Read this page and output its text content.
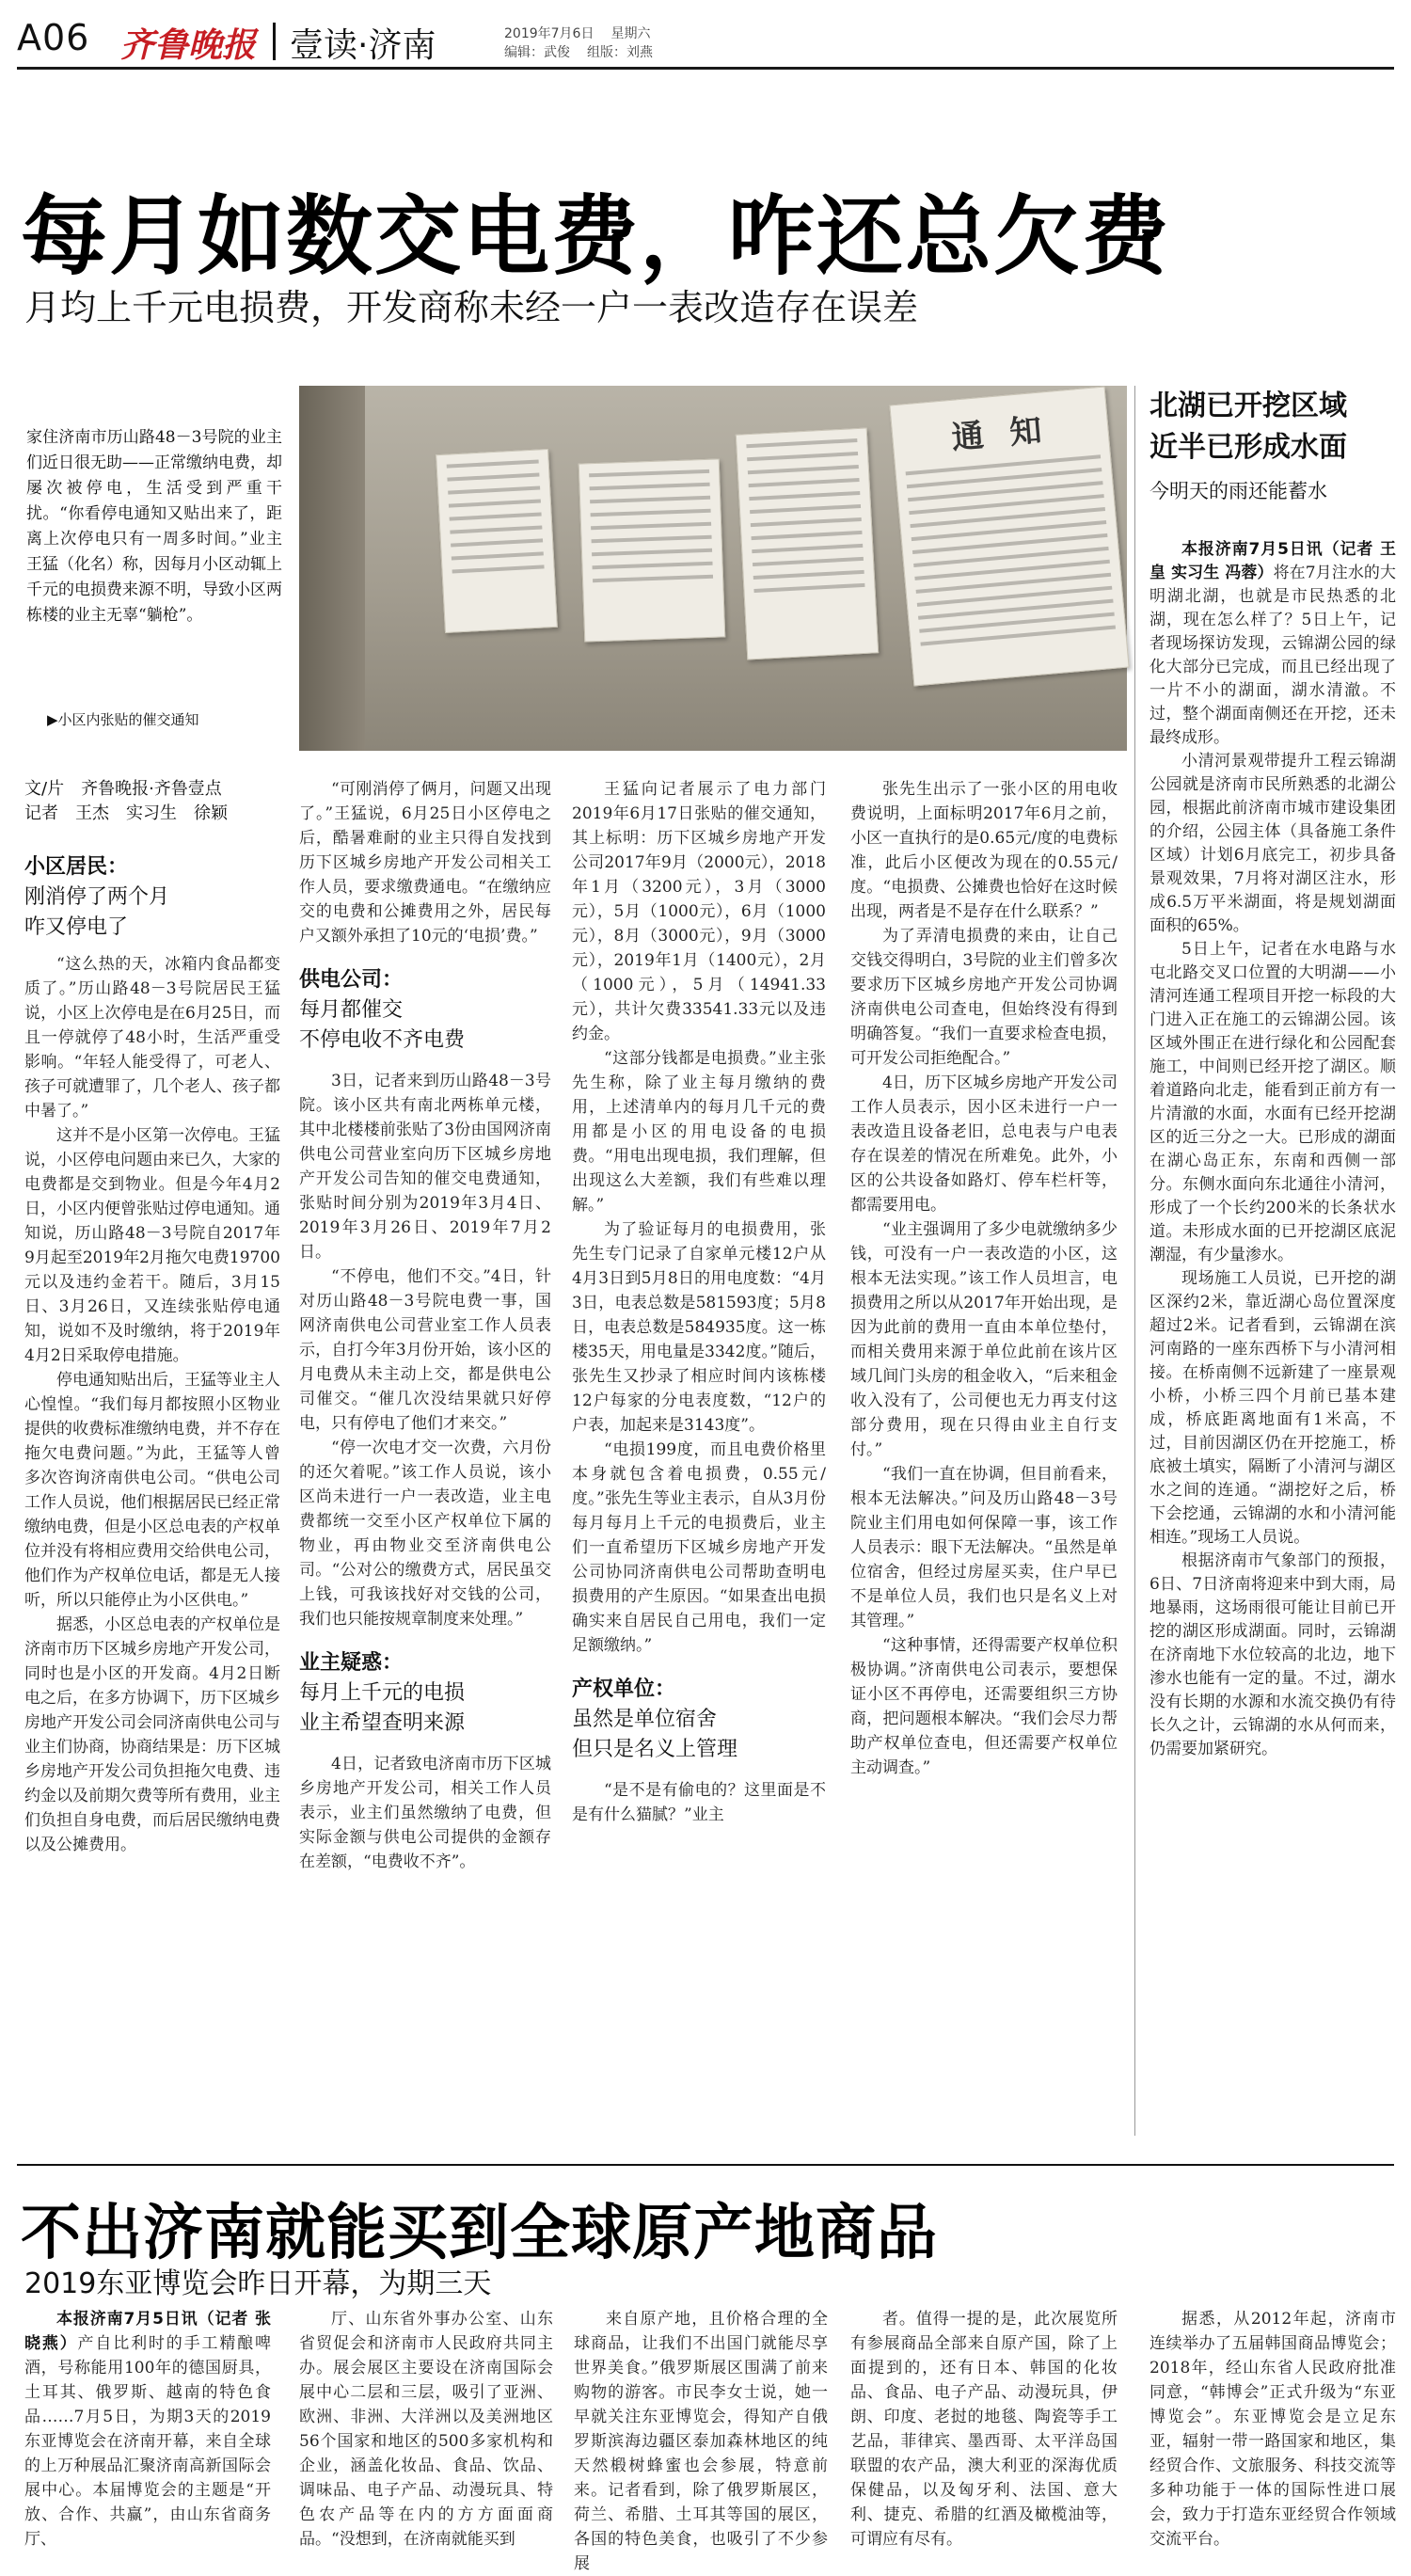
A06 齐鲁晚报 壹读·济南	2019年7月6日 星期六
编辑：武俊 组版：刘燕
每月如数交电费，咋还总欠费
月均上千元电损费，开发商称未经一户一表改造存在误差
家住济南市历山路48－3号院的业主们近日很无助——正常缴纳电费，却屡次被停电，生活受到严重干扰。“你看停电通知又贴出来了，距离上次停电只有一周多时间。”业主王猛（化名）称，因每月小区动辄上千元的电损费来源不明，导致小区两栋楼的业主无辜“躺枪”。
▶小区内张贴的催交通知
通 知
文/片　齐鲁晚报·齐鲁壹点
记者　王杰　实习生　徐颖
小区居民：
刚消停了两个月
咋又停电了

“这么热的天，冰箱内食品都变质了。”历山路48－3号院居民王猛说，小区上次停电是在6月25日，而且一停就停了48小时，生活严重受影响。“年轻人能受得了，可老人、孩子可就遭罪了，几个老人、孩子都中暑了。”

这并不是小区第一次停电。王猛说，小区停电问题由来已久，大家的电费都是交到物业。但是今年4月2日，小区内便曾张贴过停电通知。通知说，历山路48－3号院自2017年9月起至2019年2月拖欠电费19700元以及违约金若干。随后，3月15日、3月26日，又连续张贴停电通知，说如不及时缴纳，将于2019年4月2日采取停电措施。

停电通知贴出后，王猛等业主人心惶惶。“我们每月都按照小区物业提供的收费标准缴纳电费，并不存在拖欠电费问题。”为此，王猛等人曾多次咨询济南供电公司。“供电公司工作人员说，他们根据居民已经正常缴纳电费，但是小区总电表的产权单位并没有将相应费用交给供电公司，他们作为产权单位电话，都是无人接听，所以只能停止为小区供电。”

据悉，小区总电表的产权单位是济南市历下区城乡房地产开发公司，同时也是小区的开发商。4月2日断电之后，在多方协调下，历下区城乡房地产开发公司会同济南供电公司与业主们协商，协商结果是：历下区城乡房地产开发公司负担拖欠电费、违约金以及前期欠费等所有费用，业主们负担自身电费，而后居民缴纳电费以及公摊费用。

“可刚消停了俩月，问题又出现了。”王猛说，6月25日小区停电之后，酷暑难耐的业主只得自发找到历下区城乡房地产开发公司相关工作人员，要求缴费通电。“在缴纳应交的电费和公摊费用之外，居民每户又额外承担了10元的‘电损’费。”

供电公司：
每月都催交
不停电收不齐电费

3日，记者来到历山路48－3号院。该小区共有南北两栋单元楼，其中北楼楼前张贴了3份由国网济南供电公司营业室向历下区城乡房地产开发公司告知的催交电费通知，张贴时间分别为2019年3月4日、2019年3月26日、2019年7月2日。

“不停电，他们不交。”4日，针对历山路48－3号院电费一事，国网济南供电公司营业室工作人员表示，自打今年3月份开始，该小区的月电费从未主动上交，都是供电公司催交。“催几次没结果就只好停电，只有停电了他们才来交。”

“停一次电才交一次费，六月份的还欠着呢。”该工作人员说，该小区尚未进行一户一表改造，业主电费都统一交至小区产权单位下属的物业，再由物业交至济南供电公司。“公对公的缴费方式，居民虽交上钱，可我该找好对交钱的公司，我们也只能按规章制度来处理。”

业主疑惑：
每月上千元的电损
业主希望查明来源

4日，记者致电济南市历下区城乡房地产开发公司，相关工作人员表示，业主们虽然缴纳了电费，但实际金额与供电公司提供的金额存在差额，“电费收不齐”。

王猛向记者展示了电力部门2019年6月17日张贴的催交通知，其上标明：历下区城乡房地产开发公司2017年9月（2000元），2018年1月（3200元），3月（3000元），5月（1000元），6月（1000元），8月（3000元），9月（3000元），2019年1月（1400元），2月（1000元），5月（14941.33元），共计欠费33541.33元以及违约金。

“这部分钱都是电损费。”业主张先生称，除了业主每月缴纳的费用，上述清单内的每月几千元的费用都是小区的用电设备的电损费。“用电出现电损，我们理解，但出现这么大差额，我们有些难以理解。”

为了验证每月的电损费用，张先生专门记录了自家单元楼12户从4月3日到5月8日的用电度数：“4月3日，电表总数是581593度；5月8日，电表总数是584935度。这一栋楼35天，用电量是3342度。”随后，张先生又抄录了相应时间内该栋楼12户每家的分电表度数，“12户的户表，加起来是3143度”。

“电损199度，而且电费价格里本身就包含着电损费，0.55元/度。”张先生等业主表示，自从3月份每月每月上千元的电损费后，业主们一直希望历下区城乡房地产开发公司协同济南供电公司帮助查明电损费用的产生原因。“如果查出电损确实来自居民自己用电，我们一定足额缴纳。”

产权单位：
虽然是单位宿舍
但只是名义上管理

“是不是有偷电的？这里面是不是有什么猫腻？”业主

张先生出示了一张小区的用电收费说明，上面标明2017年6月之前，小区一直执行的是0.65元/度的电费标准，此后小区便改为现在的0.55元/度。“电损费、公摊费也恰好在这时候出现，两者是不是存在什么联系？”

为了弄清电损费的来由，让自己交钱交得明白，3号院的业主们曾多次要求历下区城乡房地产开发公司协调济南供电公司查电，但始终没有得到明确答复。“我们一直要求检查电损，可开发公司拒绝配合。”

4日，历下区城乡房地产开发公司工作人员表示，因小区未进行一户一表改造且设备老旧，总电表与户电表存在误差的情况在所难免。此外，小区的公共设备如路灯、停车栏杆等，都需要用电。

“业主强调用了多少电就缴纳多少钱，可没有一户一表改造的小区，这根本无法实现。”该工作人员坦言，电损费用之所以从2017年开始出现，是因为此前的费用一直由本单位垫付，而相关费用来源于单位此前在该片区域几间门头房的租金收入，“后来租金收入没有了，公司便也无力再支付这部分费用，现在只得由业主自行支付。”

“我们一直在协调，但目前看来，根本无法解决。”问及历山路48－3号院业主们用电如何保障一事，该工作人员表示：眼下无法解决。“虽然是单位宿舍，但经过房屋买卖，住户早已不是单位人员，我们也只是名义上对其管理。”

“这种事情，还得需要产权单位积极协调。”济南供电公司表示，要想保证小区不再停电，还需要组织三方协商，把问题根本解决。“我们会尽力帮助产权单位查电，但还需要产权单位主动调查。”

北湖已开挖区域
近半已形成水面
今明天的雨还能蓄水

本报济南7月5日讯（记者 王皇 实习生 冯蓉）将在7月注水的大明湖北湖，也就是市民热悉的北湖，现在怎么样了？5日上午，记者现场探访发现，云锦湖公园的绿化大部分已完成，而且已经出现了一片不小的湖面，湖水清澈。不过，整个湖面南侧还在开挖，还未最终成形。

小清河景观带提升工程云锦湖公园就是济南市民所熟悉的北湖公园，根据此前济南市城市建设集团的介绍，公园主体（具备施工条件区域）计划6月底完工，初步具备景观效果，7月将对湖区注水，形成6.5万平米湖面，将是规划湖面面积的65%。

5日上午，记者在水电路与水屯北路交叉口位置的大明湖——小清河连通工程项目开挖一标段的大门进入正在施工的云锦湖公园。该区域外围正在进行绿化和公园配套施工，中间则已经开挖了湖区。顺着道路向北走，能看到正前方有一片清澈的水面，水面有已经开挖湖区的近三分之一大。已形成的湖面在湖心岛正东，东南和西侧一部分。东侧水面向东北通往小清河，形成了一个长约200米的长条状水道。未形成水面的已开挖湖区底泥潮湿，有少量渗水。

现场施工人员说，已开挖的湖区深约2米，靠近湖心岛位置深度超过2米。记者看到，云锦湖在滨河南路的一座东西桥下与小清河相接。在桥南侧不远新建了一座景观小桥，小桥三四个月前已基本建成，桥底距离地面有1米高，不过，目前因湖区仍在开挖施工，桥底被土填实，隔断了小清河与湖区水之间的连通。“湖挖好之后，桥下会挖通，云锦湖的水和小清河能相连。”现场工人员说。

根据济南市气象部门的预报，6日、7日济南将迎来中到大雨，局地暴雨，这场雨很可能让目前已开挖的湖区形成湖面。同时，云锦湖在济南地下水位较高的北边，地下渗水也能有一定的量。不过，湖水没有长期的水源和水流交换仍有待长久之计，云锦湖的水从何而来，仍需要加紧研究。

不出济南就能买到全球原产地商品
2019东亚博览会昨日开幕，为期三天

本报济南7月5日讯（记者 张晓燕）产自比利时的手工精酿啤酒，号称能用100年的德国厨具，土耳其、俄罗斯、越南的特色食品……7月5日，为期3天的2019东亚博览会在济南开幕，来自全球的上万种展品汇聚济南高新国际会展中心。本届博览会的主题是“开放、合作、共赢”，由山东省商务厅、

厅、山东省外事办公室、山东省贸促会和济南市人民政府共同主办。展会展区主要设在济南国际会展中心二层和三层，吸引了亚洲、欧洲、非洲、大洋洲以及美洲地区56个国家和地区的500多家机构和企业，涵盖化妆品、食品、饮品、调味品、电子产品、动漫玩具、特色农产品等在内的方方面面商品。“没想到，在济南就能买到

来自原产地，且价格合理的全球商品，让我们不出国门就能尽享世界美食。”俄罗斯展区围满了前来购物的游客。市民李女士说，她一早就关注东亚博览会，得知产自俄罗斯滨海边疆区泰加森林地区的纯天然椴树蜂蜜也会参展，特意前来。记者看到，除了俄罗斯展区，荷兰、希腊、土耳其等国的展区，各国的特色美食，也吸引了不少参展

者。值得一提的是，此次展览所有参展商品全部来自原产国，除了上面提到的，还有日本、韩国的化妆品、食品、电子产品、动漫玩具，伊朗、印度、老挝的地毯、陶瓷等手工艺品，菲律宾、墨西哥、太平洋岛国联盟的农产品，澳大利亚的深海优质保健品，以及匈牙利、法国、意大利、捷克、希腊的红酒及橄榄油等，可谓应有尽有。

据悉，从2012年起，济南市连续举办了五届韩国商品博览会；2018年，经山东省人民政府批准同意，“韩博会”正式升级为“东亚博览会”。东亚博览会是立足东亚，辐射一带一路国家和地区，集经贸合作、文旅服务、科技交流等多种功能于一体的国际性进口展会，致力于打造东亚经贸合作领域交流平台。
